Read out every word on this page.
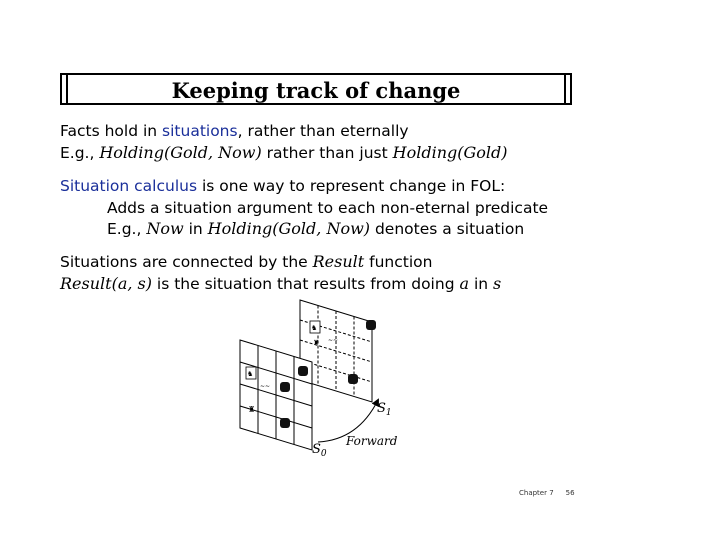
Keeping track of change
Facts hold in situations, rather than eternally
E.g., Holding(Gold, Now) rather than just Holding(Gold)
Situation calculus is one way to represent change in FOL:
Adds a situation argument to each non-eternal predicate
E.g., Now in Holding(Gold, Now) denotes a situation
Situations are connected by the Result function
Result(a, s) is the situation that results from doing a in s
♞
♜ ~~
♞
♜
~~
$S_1$
$S_0$
Forward
Chapter 7 56
